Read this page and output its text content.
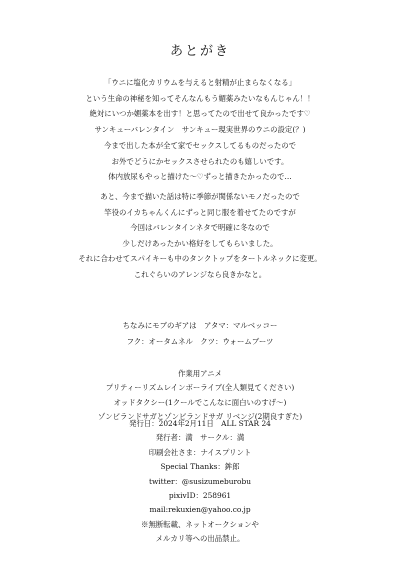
あとがき
「ウニに塩化カリウムを与えると射精が止まらなくなる」
という生命の神秘を知ってそんなんもう媚薬みたいなもんじゃん！！
絶対にいつか媚薬本を出す！と思ってたので出せて良かったです♡
サンキューバレンタイン　サンキュー現実世界のウニの設定(？)
今まで出した本が全て家でセックスしてるものだったので
お外でどうにかセックスさせられたのも嬉しいです。
体内放尿もやっと描けた〜♡ずっと描きたかったので…
あと、今まで描いた話は特に季節が関係ないモノだったので
竿役のイカちゃんくんにずっと同じ服を着せてたのですが
今回はバレンタインネタで明確に冬なので
少しだけあったかい格好をしてもらいました。
それに合わせてスパイキーも中のタンクトップをタートルネックに変更。
これぐらいのアレンジなら良きかなと。
ちなみにモブのギアは　アタマ：マルベッコー
フク：オータムネル　クツ：ウォームブーツ
作業用アニメ
プリティーリズムレインボーライブ(全人類見てください)
オッドタクシー(1クールでこんなに面白いのすげ〜)
ゾンビランドサガとゾンビランドサガ リベンジ(2期良すぎた)
発行日：2024年2月11日　ALL STAR 24
発行者：満　サークル：満
印刷会社さま：ナイスプリント
Special Thanks：鉾郎
twitter：@susizumeburobu
pixivID：258961
mail:rekuxien@yahoo.co.jp
※無断転載、ネットオークションや
メルカリ等への出品禁止。
